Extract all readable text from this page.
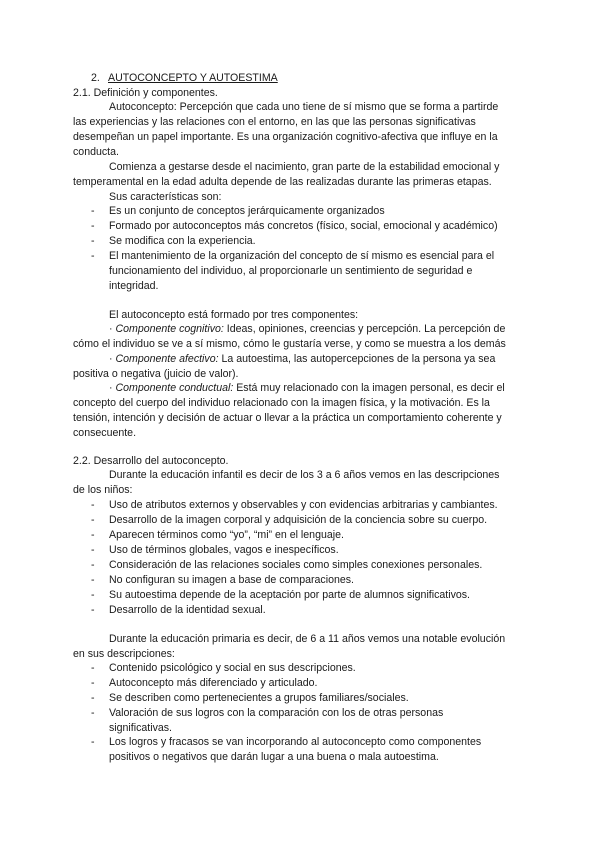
2. AUTOCONCEPTO Y AUTOESTIMA
2.1. Definición y componentes.
Autoconcepto: Percepción que cada uno tiene de sí mismo que se forma a partirde
las experiencias y las relaciones con el entorno, en las que las personas significativas
desempeñan un papel importante. Es una organización cognitivo-afectiva que influye en la
conducta.
Comienza a gestarse desde el nacimiento, gran parte de la estabilidad emocional y
temperamental en la edad adulta depende de las realizadas durante las primeras etapas.
Sus características son:
- Es un conjunto de conceptos jerárquicamente organizados
- Formado por autoconceptos más concretos (físico, social, emocional y académico)
- Se modifica con la experiencia.
- El mantenimiento de la organización del concepto de sí mismo es esencial para el
funcionamiento del individuo, al proporcionarle un sentimiento de seguridad e
integridad.
El autoconcepto está formado por tres componentes:
· Componente cognitivo: Ideas, opiniones, creencias y percepción. La percepción de
cómo el individuo se ve a sí mismo, cómo le gustaría verse, y como se muestra a los demás
· Componente afectivo: La autoestima, las autopercepciones de la persona ya sea
positiva o negativa (juicio de valor).
· Componente conductual: Está muy relacionado con la imagen personal, es decir el
concepto del cuerpo del individuo relacionado con la imagen física, y la motivación. Es la
tensión, intención y decisión de actuar o llevar a la práctica un comportamiento coherente y
consecuente.
2.2. Desarrollo del autoconcepto.
Durante la educación infantil es decir de los 3 a 6 años vemos en las descripciones
de los niños:
- Uso de atributos externos y observables y con evidencias arbitrarias y cambiantes.
- Desarrollo de la imagen corporal y adquisición de la conciencia sobre su cuerpo.
- Aparecen términos como “yo”, “mi” en el lenguaje.
- Uso de términos globales, vagos e inespecíficos.
- Consideración de las relaciones sociales como simples conexiones personales.
- No configuran su imagen a base de comparaciones.
- Su autoestima depende de la aceptación por parte de alumnos significativos.
- Desarrollo de la identidad sexual.
Durante la educación primaria es decir, de 6 a 11 años vemos una notable evolución
en sus descripciones:
- Contenido psicológico y social en sus descripciones.
- Autoconcepto más diferenciado y articulado.
- Se describen como pertenecientes a grupos familiares/sociales.
- Valoración de sus logros con la comparación con los de otras personas
significativas.
- Los logros y fracasos se van incorporando al autoconcepto como componentes
positivos o negativos que darán lugar a una buena o mala autoestima.
